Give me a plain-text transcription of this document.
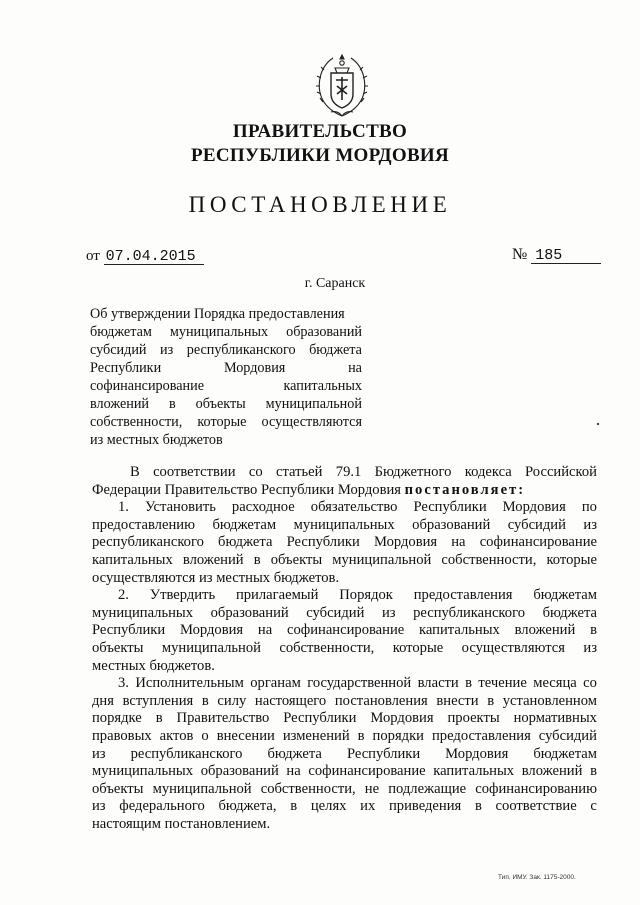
ПРАВИТЕЛЬСТВО
РЕСПУБЛИКИ МОРДОВИЯ
ПОСТАНОВЛЕНИЕ
от 07.04.2015	№ 185
г. Саранск
Об утверждении Порядка предоставления
бюджетам муниципальных образований
субсидий из республиканского бюджета
Республики	Мордовия	на
софинансирование	капитальных
вложений в объекты муниципальной
собственности, которые осуществляются
из местных бюджетов
В соответствии со статьей 79.1 Бюджетного кодекса Российской
Федерации Правительство Республики Мордовия постановляет:
1. Установить расходное обязательство Республики Мордовия по
предоставлению бюджетам муниципальных образований субсидий из
республиканского бюджета Республики Мордовия на софинансирование
капитальных вложений в объекты муниципальной собственности, которые
осуществляются из местных бюджетов.
2. Утвердить прилагаемый Порядок предоставления бюджетам
муниципальных образований субсидий из республиканского бюджета
Республики Мордовия на софинансирование капитальных вложений в
объекты муниципальной собственности, которые осуществляются из
местных бюджетов.
3. Исполнительным органам государственной власти в течение месяца со
дня вступления в силу настоящего постановления внести в установленном
порядке в Правительство Республики Мордовия проекты нормативных
правовых актов о внесении изменений в порядки предоставления субсидий
из республиканского бюджета Республики Мордовия бюджетам
муниципальных образований на софинансирование капитальных вложений в
объекты муниципальной собственности, не подлежащие софинансированию
из федерального бюджета, в целях их приведения в соответствие с
настоящим постановлением.
Тип. ИМУ. Зак. 1175-2000.
